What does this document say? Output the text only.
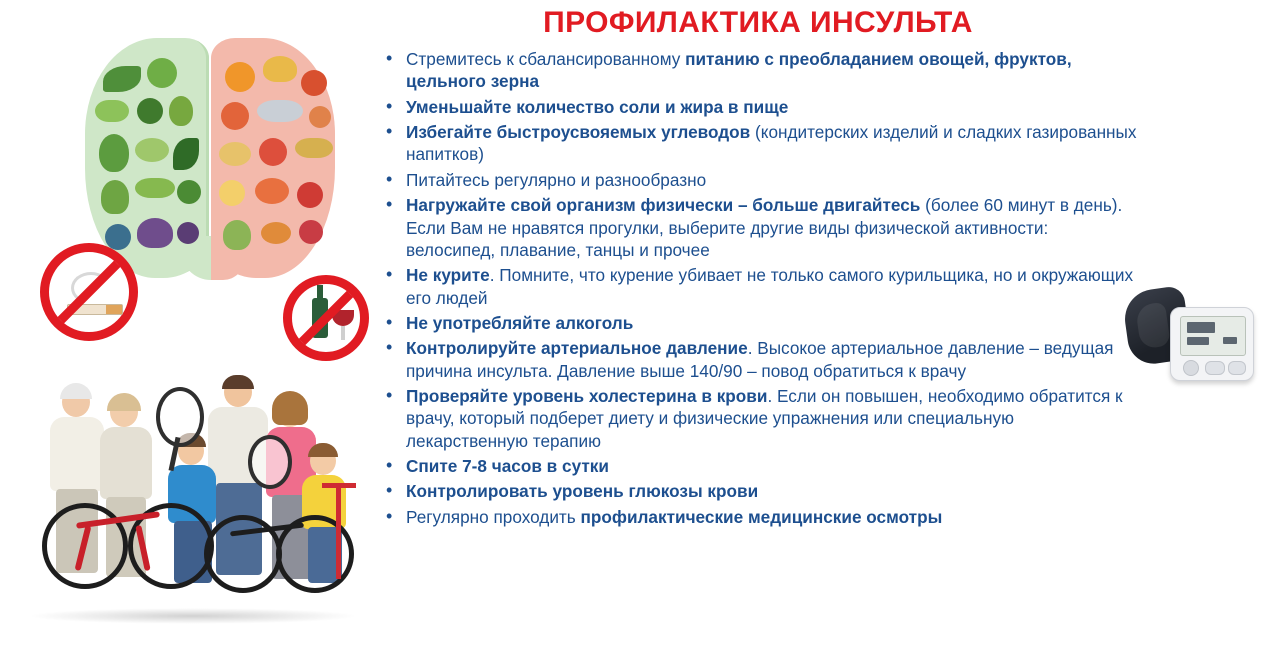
ПРОФИЛАКТИКА ИНСУЛЬТА
• Стремитесь к сбалансированному питанию с преобладанием овощей, фруктов, цельного зерна
• Уменьшайте количество соли и жира в пище
• Избегайте быстроусвояемых углеводов (кондитерских изделий и сладких газированных напитков)
• Питайтесь регулярно и разнообразно
• Нагружайте свой организм физически – больше двигайтесь (более 60 минут в день). Если Вам не нравятся прогулки, выберите другие виды физической активности: велосипед, плавание, танцы и прочее
• Не курите. Помните, что курение убивает не только самого курильщика, но и окружающих его людей
• Не употребляйте алкоголь
• Контролируйте артериальное давление. Высокое артериальное давление – ведущая причина инсульта. Давление выше 140/90 – повод обратиться к врачу
• Проверяйте уровень холестерина в крови. Если он повышен, необходимо обратится к врачу, который подберет диету и физические упражнения или специальную лекарственную терапию
• Спите 7-8 часов в сутки
• Контролировать уровень глюкозы крови
• Регулярно проходить профилактические медицинские осмотры
